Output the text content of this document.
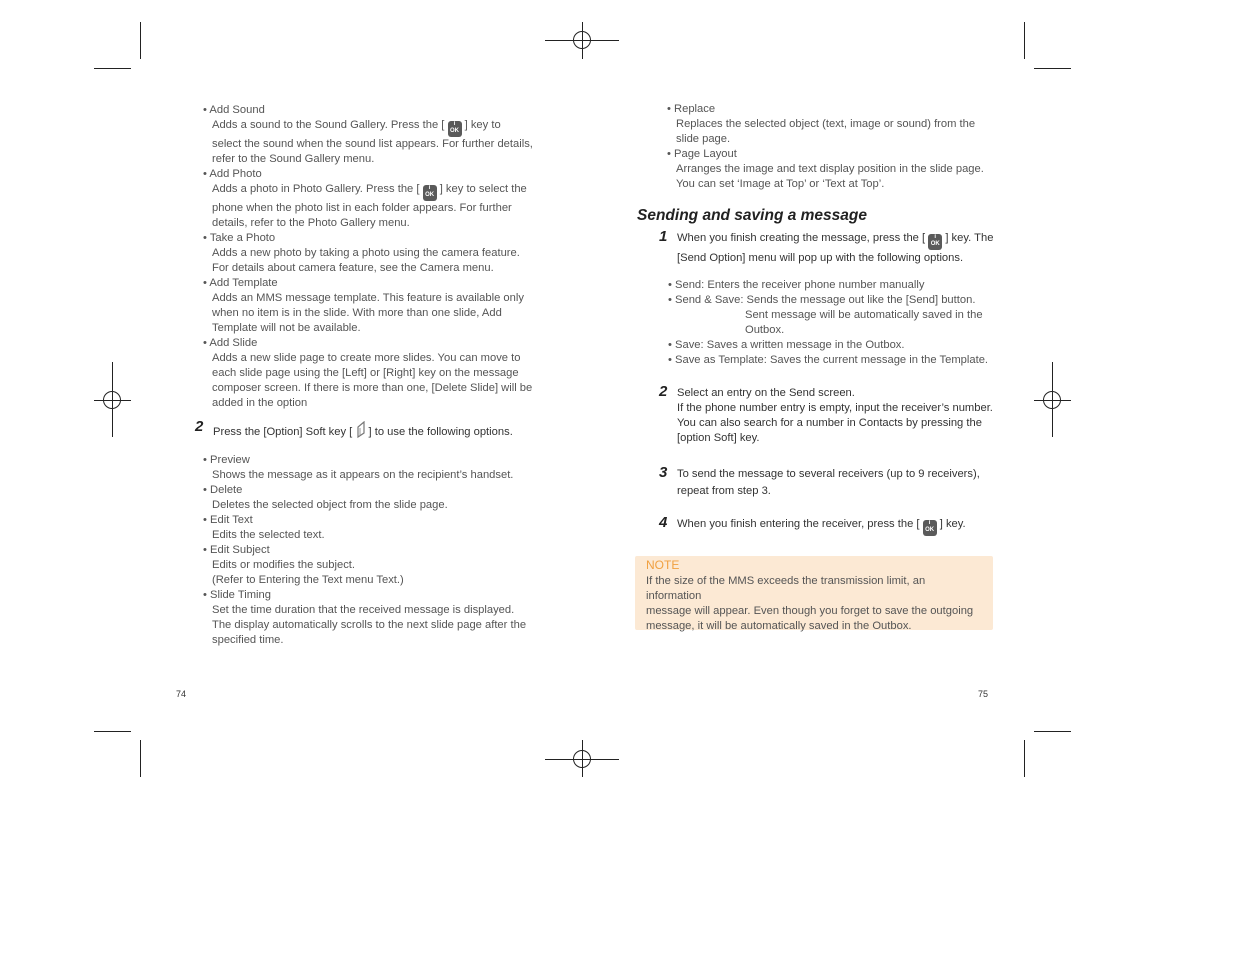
• Add Sound
Adds a sound to the Sound Gallery. Press the [ i
OK ] key to
select the sound when the sound list appears. For further details,
refer to the Sound Gallery menu.
• Add Photo
Adds a photo in Photo Gallery. Press the [ i
OK ] key to select the
phone when the photo list in each folder appears. For further
details, refer to the Photo Gallery menu.
• Take a Photo
Adds a new photo by taking a photo using the camera feature.
For details about camera feature, see the Camera menu.
• Add Template
Adds an MMS message template. This feature is available only
when no item is in the slide. With more than one slide, Add
Template will not be available.
• Add Slide
Adds a new slide page to create more slides. You can move to
each slide page using the [Left] or [Right] key on the message
composer screen. If there is more than one, [Delete Slide] will be
added in the option
2 Press the [Option] Soft key [ ] to use the following options.
• Preview
Shows the message as it appears on the recipient’s handset.
• Delete
Deletes the selected object from the slide page.
• Edit Text
Edits the selected text.
• Edit Subject
Edits or modifies the subject.
(Refer to Entering the Text menu Text.)
• Slide Timing
Set the time duration that the received message is displayed.
The display automatically scrolls to the next slide page after the
specified time.
74
• Replace
Replaces the selected object (text, image or sound) from the
slide page.
• Page Layout
Arranges the image and text display position in the slide page.
You can set ‘Image at Top’ or ‘Text at Top’.
Sending and saving a message
1 When you finish creating the message, press the [ i
OK ] key. The
[Send Option] menu will pop up with the following options.
• Send: Enters the receiver phone number manually
• Send & Save: Sends the message out like the [Send] button.
Sent message will be automatically saved in the
Outbox.
• Save: Saves a written message in the Outbox.
• Save as Template: Saves the current message in the Template.
2 Select an entry on the Send screen.
If the phone number entry is empty, input the receiver’s number.
You can also search for a number in Contacts by pressing the
[option Soft] key.
3 To send the message to several receivers (up to 9 receivers),
repeat from step 3.
4 When you finish entering the receiver, press the [ i
OK ] key.
NOTE
If the size of the MMS exceeds the transmission limit, an information
message will appear. Even though you forget to save the outgoing
message, it will be automatically saved in the Outbox.
75
